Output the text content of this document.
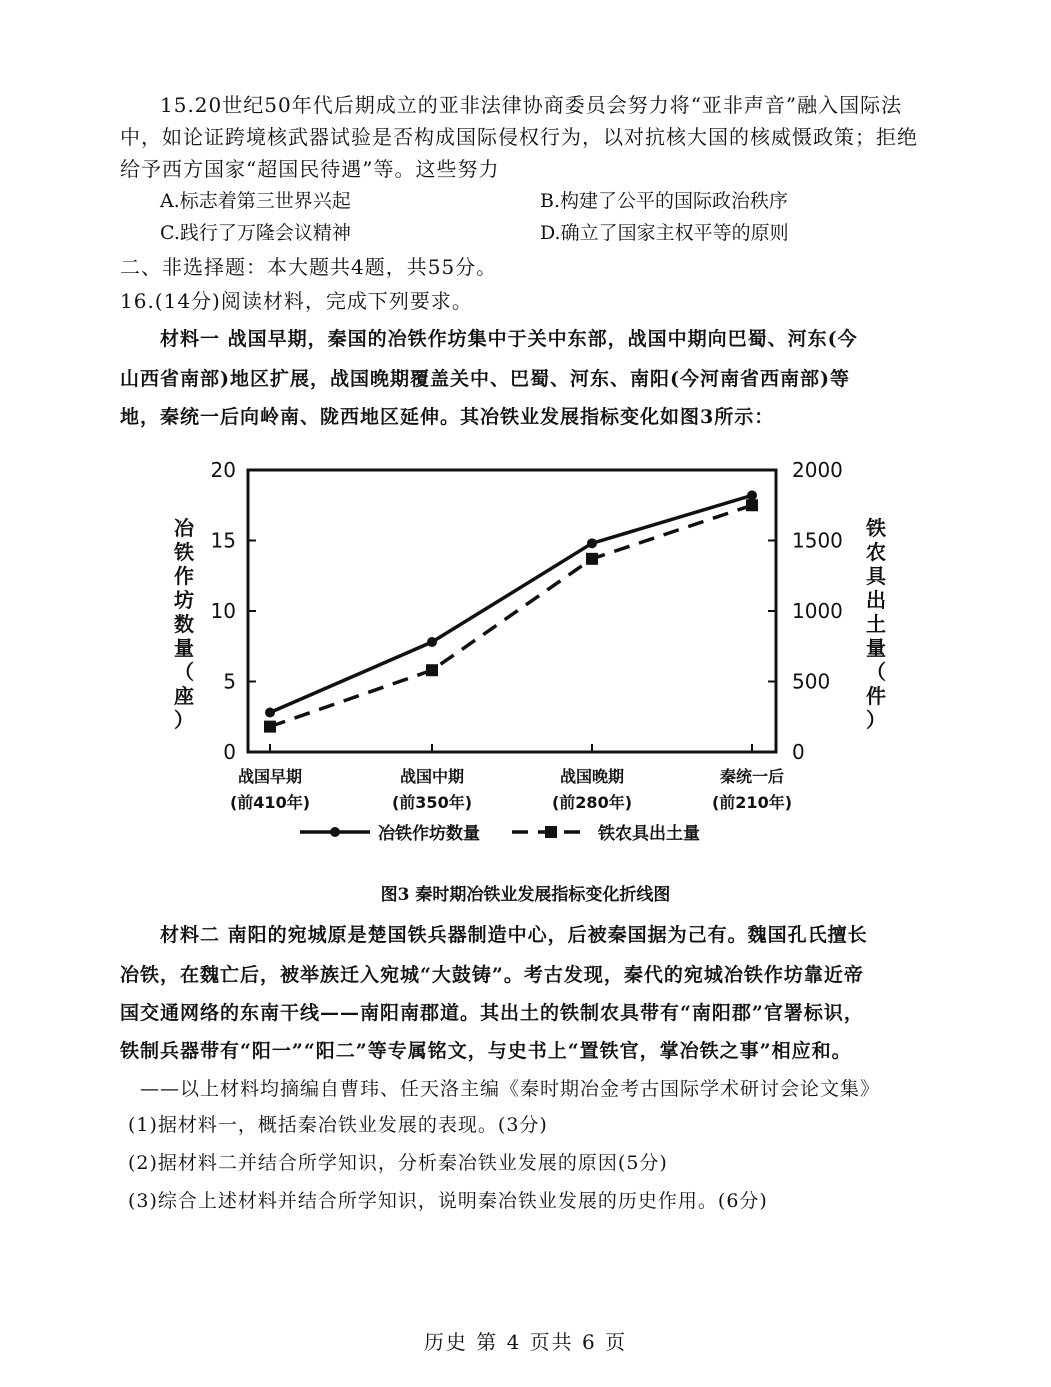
15.20世纪50年代后期成立的亚非法律协商委员会努力将“亚非声音”融入国际法
中，如论证跨境核武器试验是否构成国际侵权行为，以对抗核大国的核威慑政策；拒绝
给予西方国家“超国民待遇”等。这些努力
A.标志着第三世界兴起	B.构建了公平的国际政治秩序
C.践行了万隆会议精神	D.确立了国家主权平等的原则
二、非选择题：本大题共4题，共55分。
16.(14分)阅读材料，完成下列要求。
材料一 战国早期，秦国的冶铁作坊集中于关中东部，战国中期向巴蜀、河东(今
山西省南部)地区扩展，战国晚期覆盖关中、巴蜀、河东、南阳(今河南省西南部)等
地，秦统一后向岭南、陇西地区延伸。其冶铁业发展指标变化如图3所示：
冶
铁
作
坊
数
量
（
座
）
铁
农
具
出
土
量
（
件
）
0
5
10
15
20
0
500
1000
1500
2000
战国早期
(前410年)
战国中期
(前350年)
战国晚期
(前280年)
秦统一后
(前210年)
冶铁作坊数量	铁农具出土量
图3 秦时期冶铁业发展指标变化折线图
材料二 南阳的宛城原是楚国铁兵器制造中心，后被秦国据为己有。魏国孔氏擅长
冶铁，在魏亡后，被举族迁入宛城“大鼓铸”。考古发现，秦代的宛城冶铁作坊靠近帝
国交通网络的东南干线——南阳南郡道。其出土的铁制农具带有“南阳郡”官署标识，
铁制兵器带有“阳一”“阳二”等专属铭文，与史书上“置铁官，掌冶铁之事”相应和。
——以上材料均摘编自曹玮、任天洛主编《秦时期冶金考古国际学术研讨会论文集》
(1)据材料一，概括秦冶铁业发展的表现。(3分)
(2)据材料二并结合所学知识，分析秦冶铁业发展的原因(5分)
(3)综合上述材料并结合所学知识，说明秦冶铁业发展的历史作用。(6分)
历史 第 4 页共 6 页
